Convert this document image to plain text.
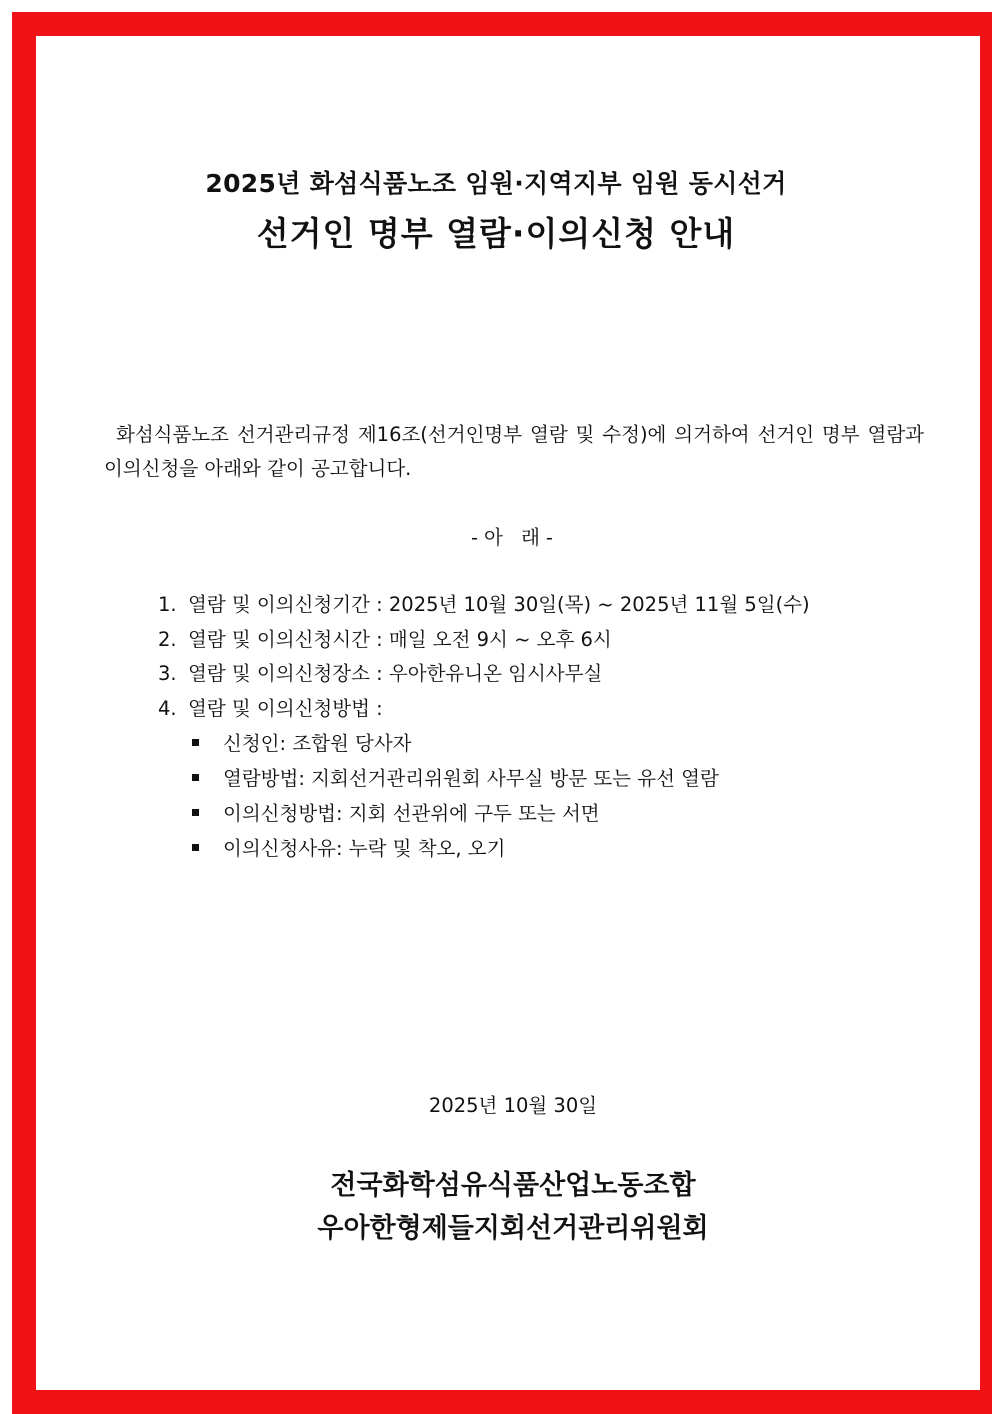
2025년 화섬식품노조 임원·지역지부 임원 동시선거
선거인 명부 열람·이의신청 안내

화섬식품노조 선거관리규정 제16조(선거인명부 열람 및 수정)에 의거하여 선거인 명부 열람과 이의신청을 아래와 같이 공고합니다.

-아 래-
1. 열람 및 이의신청기간 : 2025년 10월 30일(목) ~ 2025년 11월 5일(수)
2. 열람 및 이의신청시간 : 매일 오전 9시 ~ 오후 6시
3. 열람 및 이의신청장소 : 우아한유니온 임시사무실
4. 열람 및 이의신청방법 :
신청인: 조합원 당사자
열람방법: 지회선거관리위원회 사무실 방문 또는 유선 열람
이의신청방법: 지회 선관위에 구두 또는 서면
이의신청사유: 누락 및 착오, 오기
2025년 10월 30일
전국화학섬유식품산업노동조합
우아한형제들지회선거관리위원회
